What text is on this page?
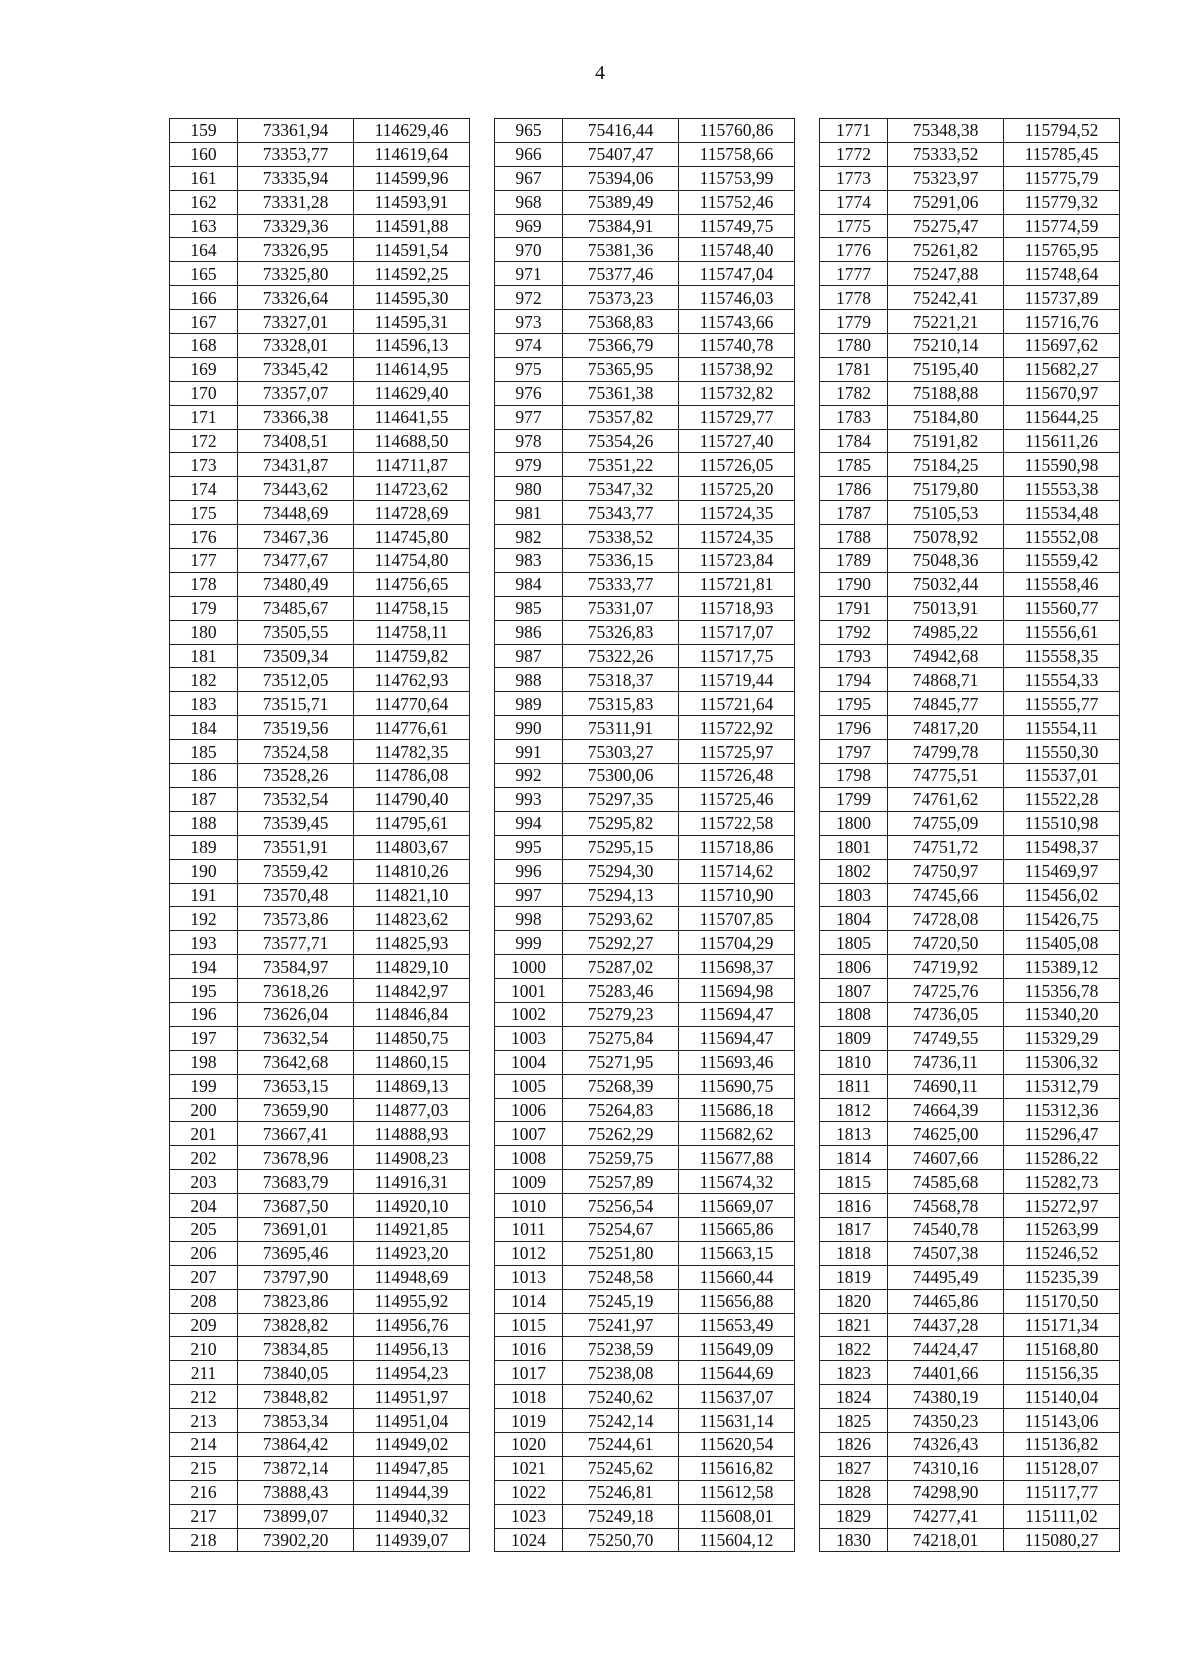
4
159	73361,94	114629,46		965	75416,44	115760,86		1771	75348,38	115794,52
160	73353,77	114619,64		966	75407,47	115758,66		1772	75333,52	115785,45
161	73335,94	114599,96		967	75394,06	115753,99		1773	75323,97	115775,79
162	73331,28	114593,91		968	75389,49	115752,46		1774	75291,06	115779,32
163	73329,36	114591,88		969	75384,91	115749,75		1775	75275,47	115774,59
164	73326,95	114591,54		970	75381,36	115748,40		1776	75261,82	115765,95
165	73325,80	114592,25		971	75377,46	115747,04		1777	75247,88	115748,64
166	73326,64	114595,30		972	75373,23	115746,03		1778	75242,41	115737,89
167	73327,01	114595,31		973	75368,83	115743,66		1779	75221,21	115716,76
168	73328,01	114596,13		974	75366,79	115740,78		1780	75210,14	115697,62
169	73345,42	114614,95		975	75365,95	115738,92		1781	75195,40	115682,27
170	73357,07	114629,40		976	75361,38	115732,82		1782	75188,88	115670,97
171	73366,38	114641,55		977	75357,82	115729,77		1783	75184,80	115644,25
172	73408,51	114688,50		978	75354,26	115727,40		1784	75191,82	115611,26
173	73431,87	114711,87		979	75351,22	115726,05		1785	75184,25	115590,98
174	73443,62	114723,62		980	75347,32	115725,20		1786	75179,80	115553,38
175	73448,69	114728,69		981	75343,77	115724,35		1787	75105,53	115534,48
176	73467,36	114745,80		982	75338,52	115724,35		1788	75078,92	115552,08
177	73477,67	114754,80		983	75336,15	115723,84		1789	75048,36	115559,42
178	73480,49	114756,65		984	75333,77	115721,81		1790	75032,44	115558,46
179	73485,67	114758,15		985	75331,07	115718,93		1791	75013,91	115560,77
180	73505,55	114758,11		986	75326,83	115717,07		1792	74985,22	115556,61
181	73509,34	114759,82		987	75322,26	115717,75		1793	74942,68	115558,35
182	73512,05	114762,93		988	75318,37	115719,44		1794	74868,71	115554,33
183	73515,71	114770,64		989	75315,83	115721,64		1795	74845,77	115555,77
184	73519,56	114776,61		990	75311,91	115722,92		1796	74817,20	115554,11
185	73524,58	114782,35		991	75303,27	115725,97		1797	74799,78	115550,30
186	73528,26	114786,08		992	75300,06	115726,48		1798	74775,51	115537,01
187	73532,54	114790,40		993	75297,35	115725,46		1799	74761,62	115522,28
188	73539,45	114795,61		994	75295,82	115722,58		1800	74755,09	115510,98
189	73551,91	114803,67		995	75295,15	115718,86		1801	74751,72	115498,37
190	73559,42	114810,26		996	75294,30	115714,62		1802	74750,97	115469,97
191	73570,48	114821,10		997	75294,13	115710,90		1803	74745,66	115456,02
192	73573,86	114823,62		998	75293,62	115707,85		1804	74728,08	115426,75
193	73577,71	114825,93		999	75292,27	115704,29		1805	74720,50	115405,08
194	73584,97	114829,10		1000	75287,02	115698,37		1806	74719,92	115389,12
195	73618,26	114842,97		1001	75283,46	115694,98		1807	74725,76	115356,78
196	73626,04	114846,84		1002	75279,23	115694,47		1808	74736,05	115340,20
197	73632,54	114850,75		1003	75275,84	115694,47		1809	74749,55	115329,29
198	73642,68	114860,15		1004	75271,95	115693,46		1810	74736,11	115306,32
199	73653,15	114869,13		1005	75268,39	115690,75		1811	74690,11	115312,79
200	73659,90	114877,03		1006	75264,83	115686,18		1812	74664,39	115312,36
201	73667,41	114888,93		1007	75262,29	115682,62		1813	74625,00	115296,47
202	73678,96	114908,23		1008	75259,75	115677,88		1814	74607,66	115286,22
203	73683,79	114916,31		1009	75257,89	115674,32		1815	74585,68	115282,73
204	73687,50	114920,10		1010	75256,54	115669,07		1816	74568,78	115272,97
205	73691,01	114921,85		1011	75254,67	115665,86		1817	74540,78	115263,99
206	73695,46	114923,20		1012	75251,80	115663,15		1818	74507,38	115246,52
207	73797,90	114948,69		1013	75248,58	115660,44		1819	74495,49	115235,39
208	73823,86	114955,92		1014	75245,19	115656,88		1820	74465,86	115170,50
209	73828,82	114956,76		1015	75241,97	115653,49		1821	74437,28	115171,34
210	73834,85	114956,13		1016	75238,59	115649,09		1822	74424,47	115168,80
211	73840,05	114954,23		1017	75238,08	115644,69		1823	74401,66	115156,35
212	73848,82	114951,97		1018	75240,62	115637,07		1824	74380,19	115140,04
213	73853,34	114951,04		1019	75242,14	115631,14		1825	74350,23	115143,06
214	73864,42	114949,02		1020	75244,61	115620,54		1826	74326,43	115136,82
215	73872,14	114947,85		1021	75245,62	115616,82		1827	74310,16	115128,07
216	73888,43	114944,39		1022	75246,81	115612,58		1828	74298,90	115117,77
217	73899,07	114940,32		1023	75249,18	115608,01		1829	74277,41	115111,02
218	73902,20	114939,07		1024	75250,70	115604,12		1830	74218,01	115080,27
